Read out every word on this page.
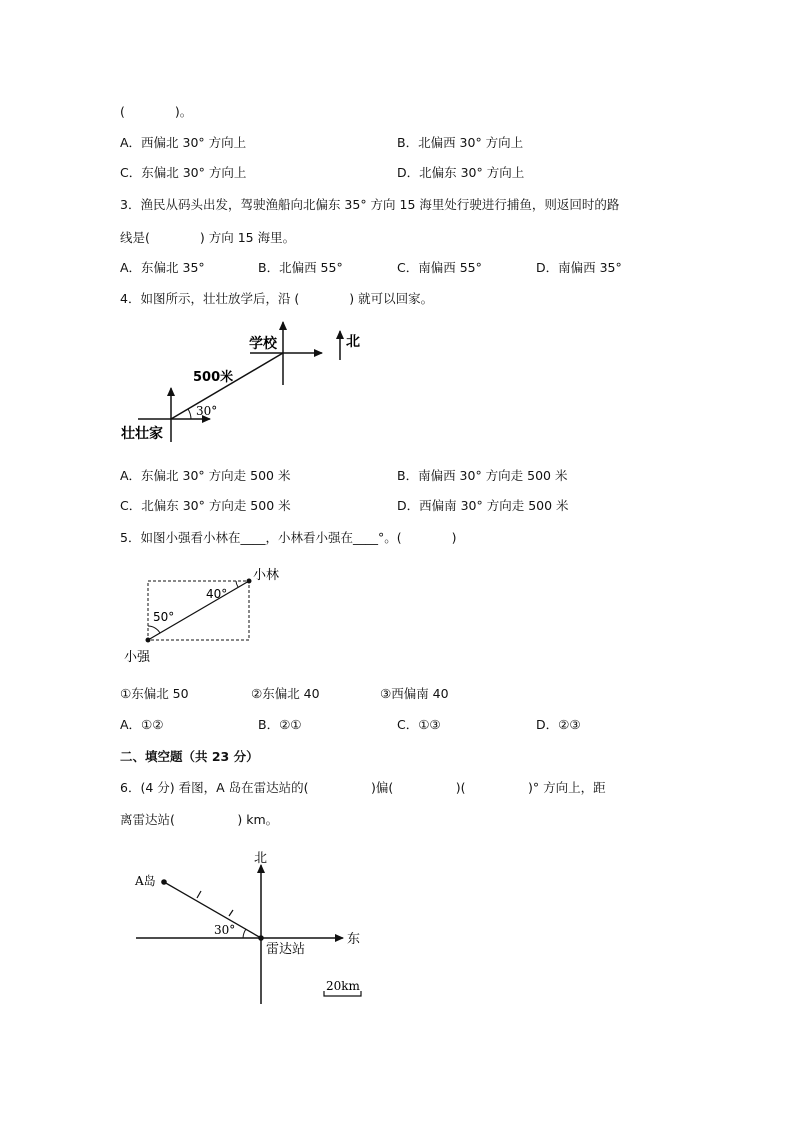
(　　　　)。
A．西偏北 30° 方向上	B．北偏西 30° 方向上
C．东偏北 30° 方向上	D．北偏东 30° 方向上
3．渔民从码头出发，驾驶渔船向北偏东 35° 方向 15 海里处行驶进行捕鱼，则返回时的路
线是(　　　　) 方向 15 海里。
A．东偏北 35°	B．北偏西 55°	C．南偏西 55°	D．南偏西 35°
4．如图所示，壮壮放学后，沿 (　　　　) 就可以回家。
北
学校
500米
30°
壮壮家
A．东偏北 30° 方向走 500 米	B．南偏西 30° 方向走 500 米
C．北偏东 30° 方向走 500 米	D．西偏南 30° 方向走 500 米
5．如图小强看小林在____，小林看小强在____°。(　　　　)
40°
50°
小林
小强
①东偏北 50	②东偏北 40	③西偏南 40
A．①②	B．②①	C．①③	D．②③
二、填空题（共 23 分）
6．(4 分) 看图，A 岛在雷达站的(　　　　　)偏(　　　　　)(　　　　　)° 方向上，距
离雷达站(　　　　　) km。
北
东
30°
A岛
雷达站
20km
